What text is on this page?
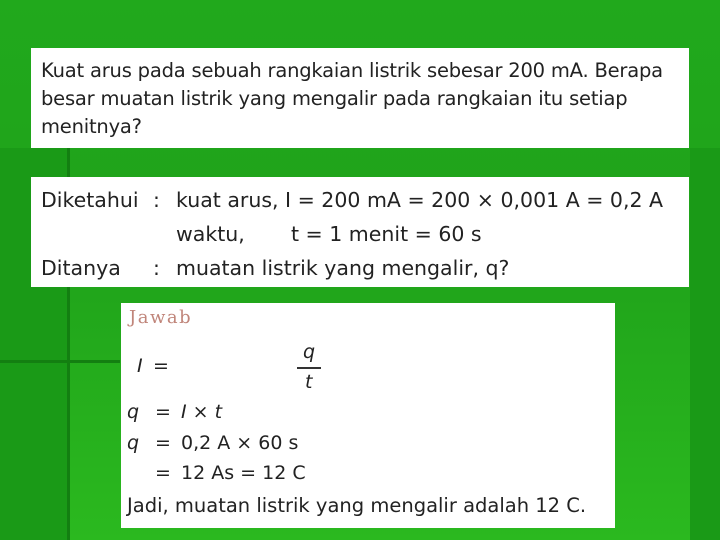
Kuat arus pada sebuah rangkaian listrik sebesar 200 mA. Berapa
besar muatan listrik yang mengalir pada rangkaian itu setiap
menitnya?
Diketahui : kuat arus, I = 200 mA = 200 × 0,001 A = 0,2 A
waktu, t = 1 menit = 60 s
Ditanya : muatan listrik yang mengalir, q?
Jawab
I =
q
t
q = I × t
q = 0,2 A × 60 s
= 12 As = 12 C
Jadi, muatan listrik yang mengalir adalah 12 C.
